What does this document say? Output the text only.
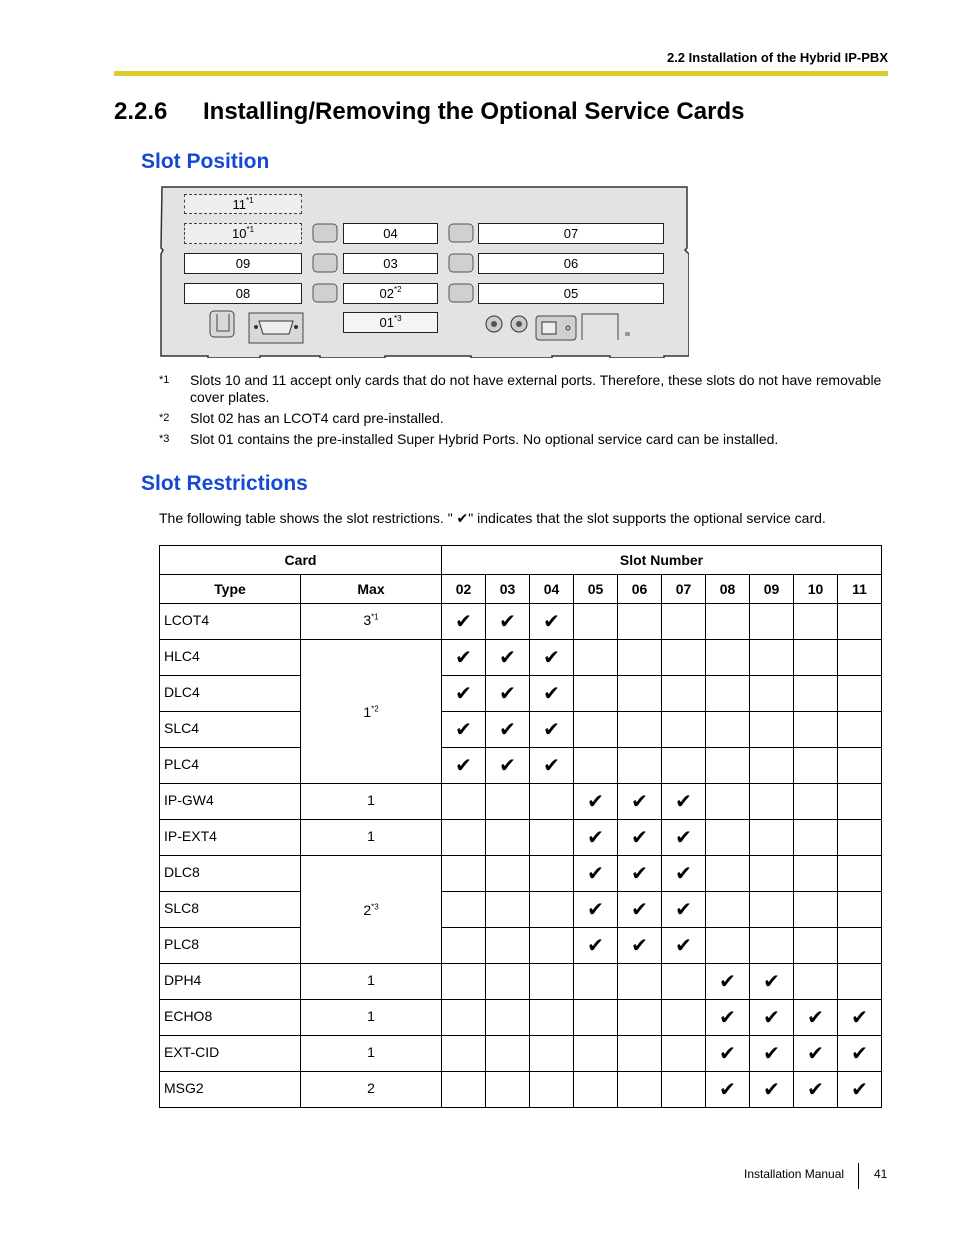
2.2 Installation of the Hybrid IP-PBX
2.2.6 Installing/Removing the Optional Service Cards
Slot Position
11$^{*1}$
10$^{*1}$
09
08
04
03
02$^{*2}$
01$^{*3}$
07
06
05
*1	Slots 10 and 11 accept only cards that do not have external ports. Therefore, these slots do not have removable cover plates.
*2	Slot 02 has an LCOT4 card pre-installed.
*3	Slot 01 contains the pre-installed Super Hybrid Ports. No optional service card can be installed.
Slot Restrictions

The following table shows the slot restrictions. " ✔" indicates that the slot supports the optional service card.

Card		Slot Number									
Type	Max	02	03	04	05	06	07	08	09	10	11
LCOT4	3$^{*1}$	✔	✔	✔							
HLC4	1$^{*2}$	✔	✔	✔							
DLC4		✔	✔	✔							
SLC4		✔	✔	✔							
PLC4		✔	✔	✔							
IP-GW4	1				✔	✔	✔				
IP-EXT4	1				✔	✔	✔				
DLC8	2$^{*3}$				✔	✔	✔				
SLC8					✔	✔	✔				
PLC8					✔	✔	✔				
DPH4	1							✔	✔		
ECHO8	1							✔	✔	✔	✔
EXT-CID	1							✔	✔	✔	✔
MSG2	2							✔	✔	✔	✔
Installation Manual 41
